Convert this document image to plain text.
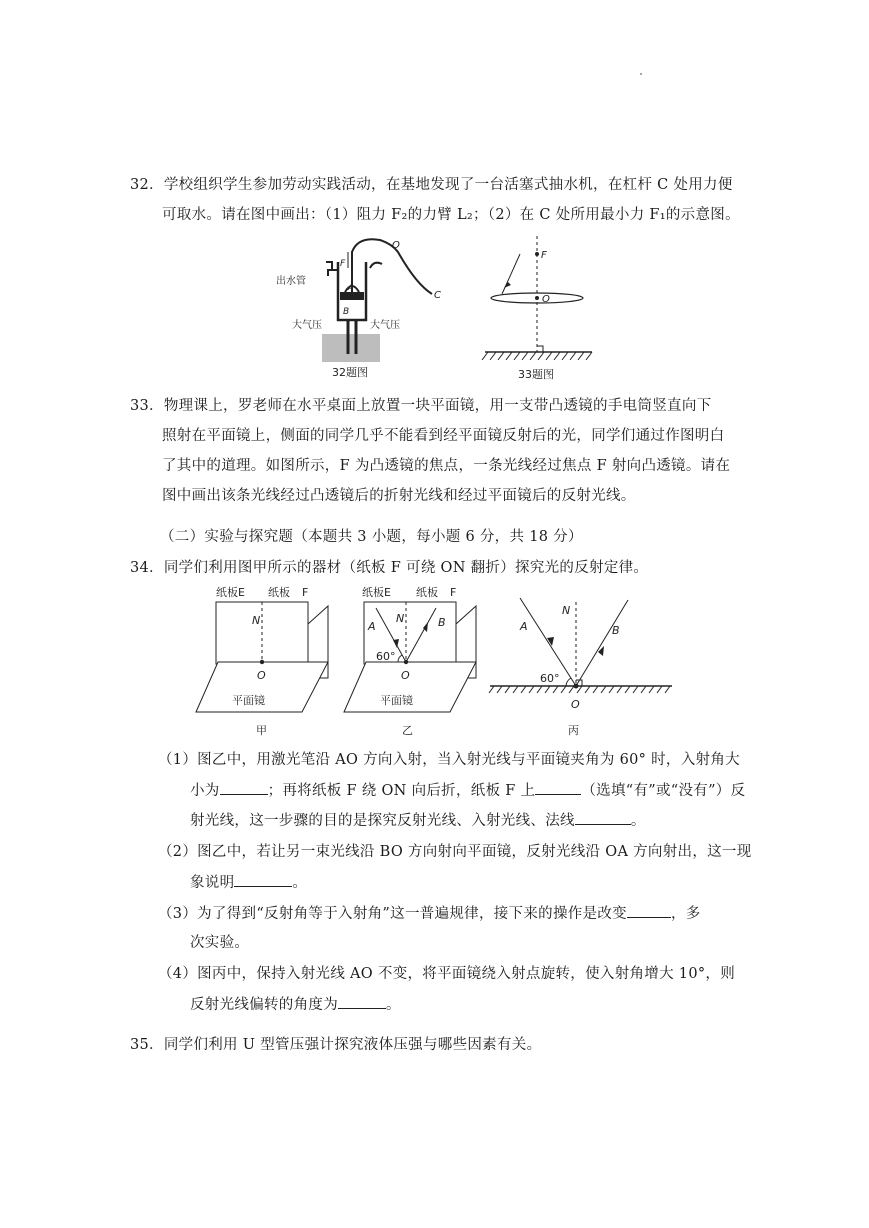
32．学校组织学生参加劳动实践活动，在基地发现了一台活塞式抽水机，在杠杆 C 处用力便
可取水。请在图中画出：（1）阻力 F₂的力臂 L₂；（2）在 C 处所用最小力 F₁的示意图。
出水管
大气压	大气压
F
O
C
A
B
32题图
F
O
33题图
33．物理课上，罗老师在水平桌面上放置一块平面镜，用一支带凸透镜的手电筒竖直向下
照射在平面镜上，侧面的同学几乎不能看到经平面镜反射后的光，同学们通过作图明白
了其中的道理。如图所示，F 为凸透镜的焦点，一条光线经过焦点 F 射向凸透镜。请在
图中画出该条光线经过凸透镜后的折射光线和经过平面镜后的反射光线。
（二）实验与探究题（本题共 3 小题，每小题 6 分，共 18 分）
34．同学们利用图甲所示的器材（纸板 F 可绕 ON 翻折）探究光的反射定律。
纸板E 纸板 F
N
O
平面镜
甲
纸板E 纸板 F
N
A	B
60°
O
平面镜
乙
N
A	B
60°
O
丙
（1）图乙中，用激光笔沿 AO 方向入射，当入射光线与平面镜夹角为 60° 时，入射角大
小为	；再将纸板 F 绕 ON 向后折，纸板 F 上	（选填“有”或“没有”）反
射光线，这一步骤的目的是探究反射光线、入射光线、法线	。
（2）图乙中，若让另一束光线沿 BO 方向射向平面镜，反射光线沿 OA 方向射出，这一现
象说明	。
（3）为了得到“反射角等于入射角”这一普遍规律，接下来的操作是改变	，多
次实验。
（4）图丙中，保持入射光线 AO 不变，将平面镜绕入射点旋转，使入射角增大 10°，则
反射光线偏转的角度为	。
35．同学们利用 U 型管压强计探究液体压强与哪些因素有关。
